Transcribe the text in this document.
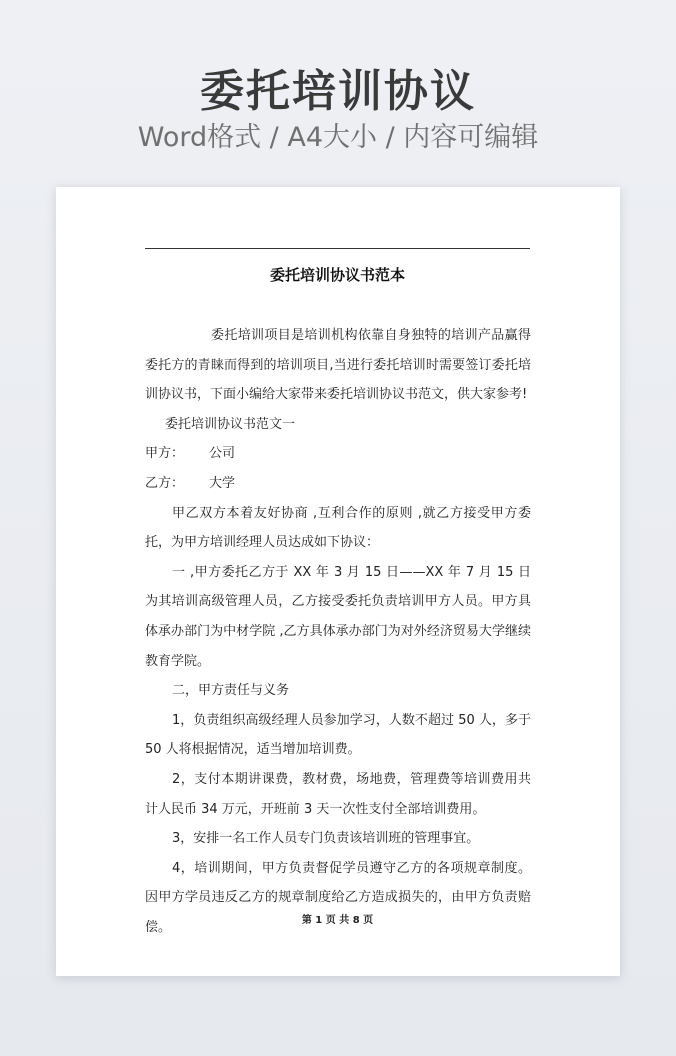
委托培训协议
Word格式 / A4大小 / 内容可编辑
委托培训协议书范本

委托培训项目是培训机构依靠自身独特的培训产品赢得委托方的青睐而得到的培训项目,当进行委托培训时需要签订委托培训协议书，下面小编给大家带来委托培训协议书范文，供大家参考!

委托培训协议书范文一

甲方： 公司

乙方： 大学

甲乙双方本着友好协商 ,互利合作的原则 ,就乙方接受甲方委托，为甲方培训经理人员达成如下协议：

一 ,甲方委托乙方于 XX 年 3 月 15 日——XX 年 7 月 15 日为其培训高级管理人员，乙方接受委托负责培训甲方人员。甲方具体承办部门为中材学院 ,乙方具体承办部门为对外经济贸易大学继续教育学院。

二，甲方责任与义务

1，负责组织高级经理人员参加学习，人数不超过 50 人，多于 50 人将根据情况，适当增加培训费。

2，支付本期讲课费，教材费，场地费，管理费等培训费用共计人民币 34 万元，开班前 3 天一次性支付全部培训费用。

3，安排一名工作人员专门负责该培训班的管理事宜。

4，培训期间，甲方负责督促学员遵守乙方的各项规章制度。因甲方学员违反乙方的规章制度给乙方造成损失的，由甲方负责赔偿。	第 1 页 共 8 页
